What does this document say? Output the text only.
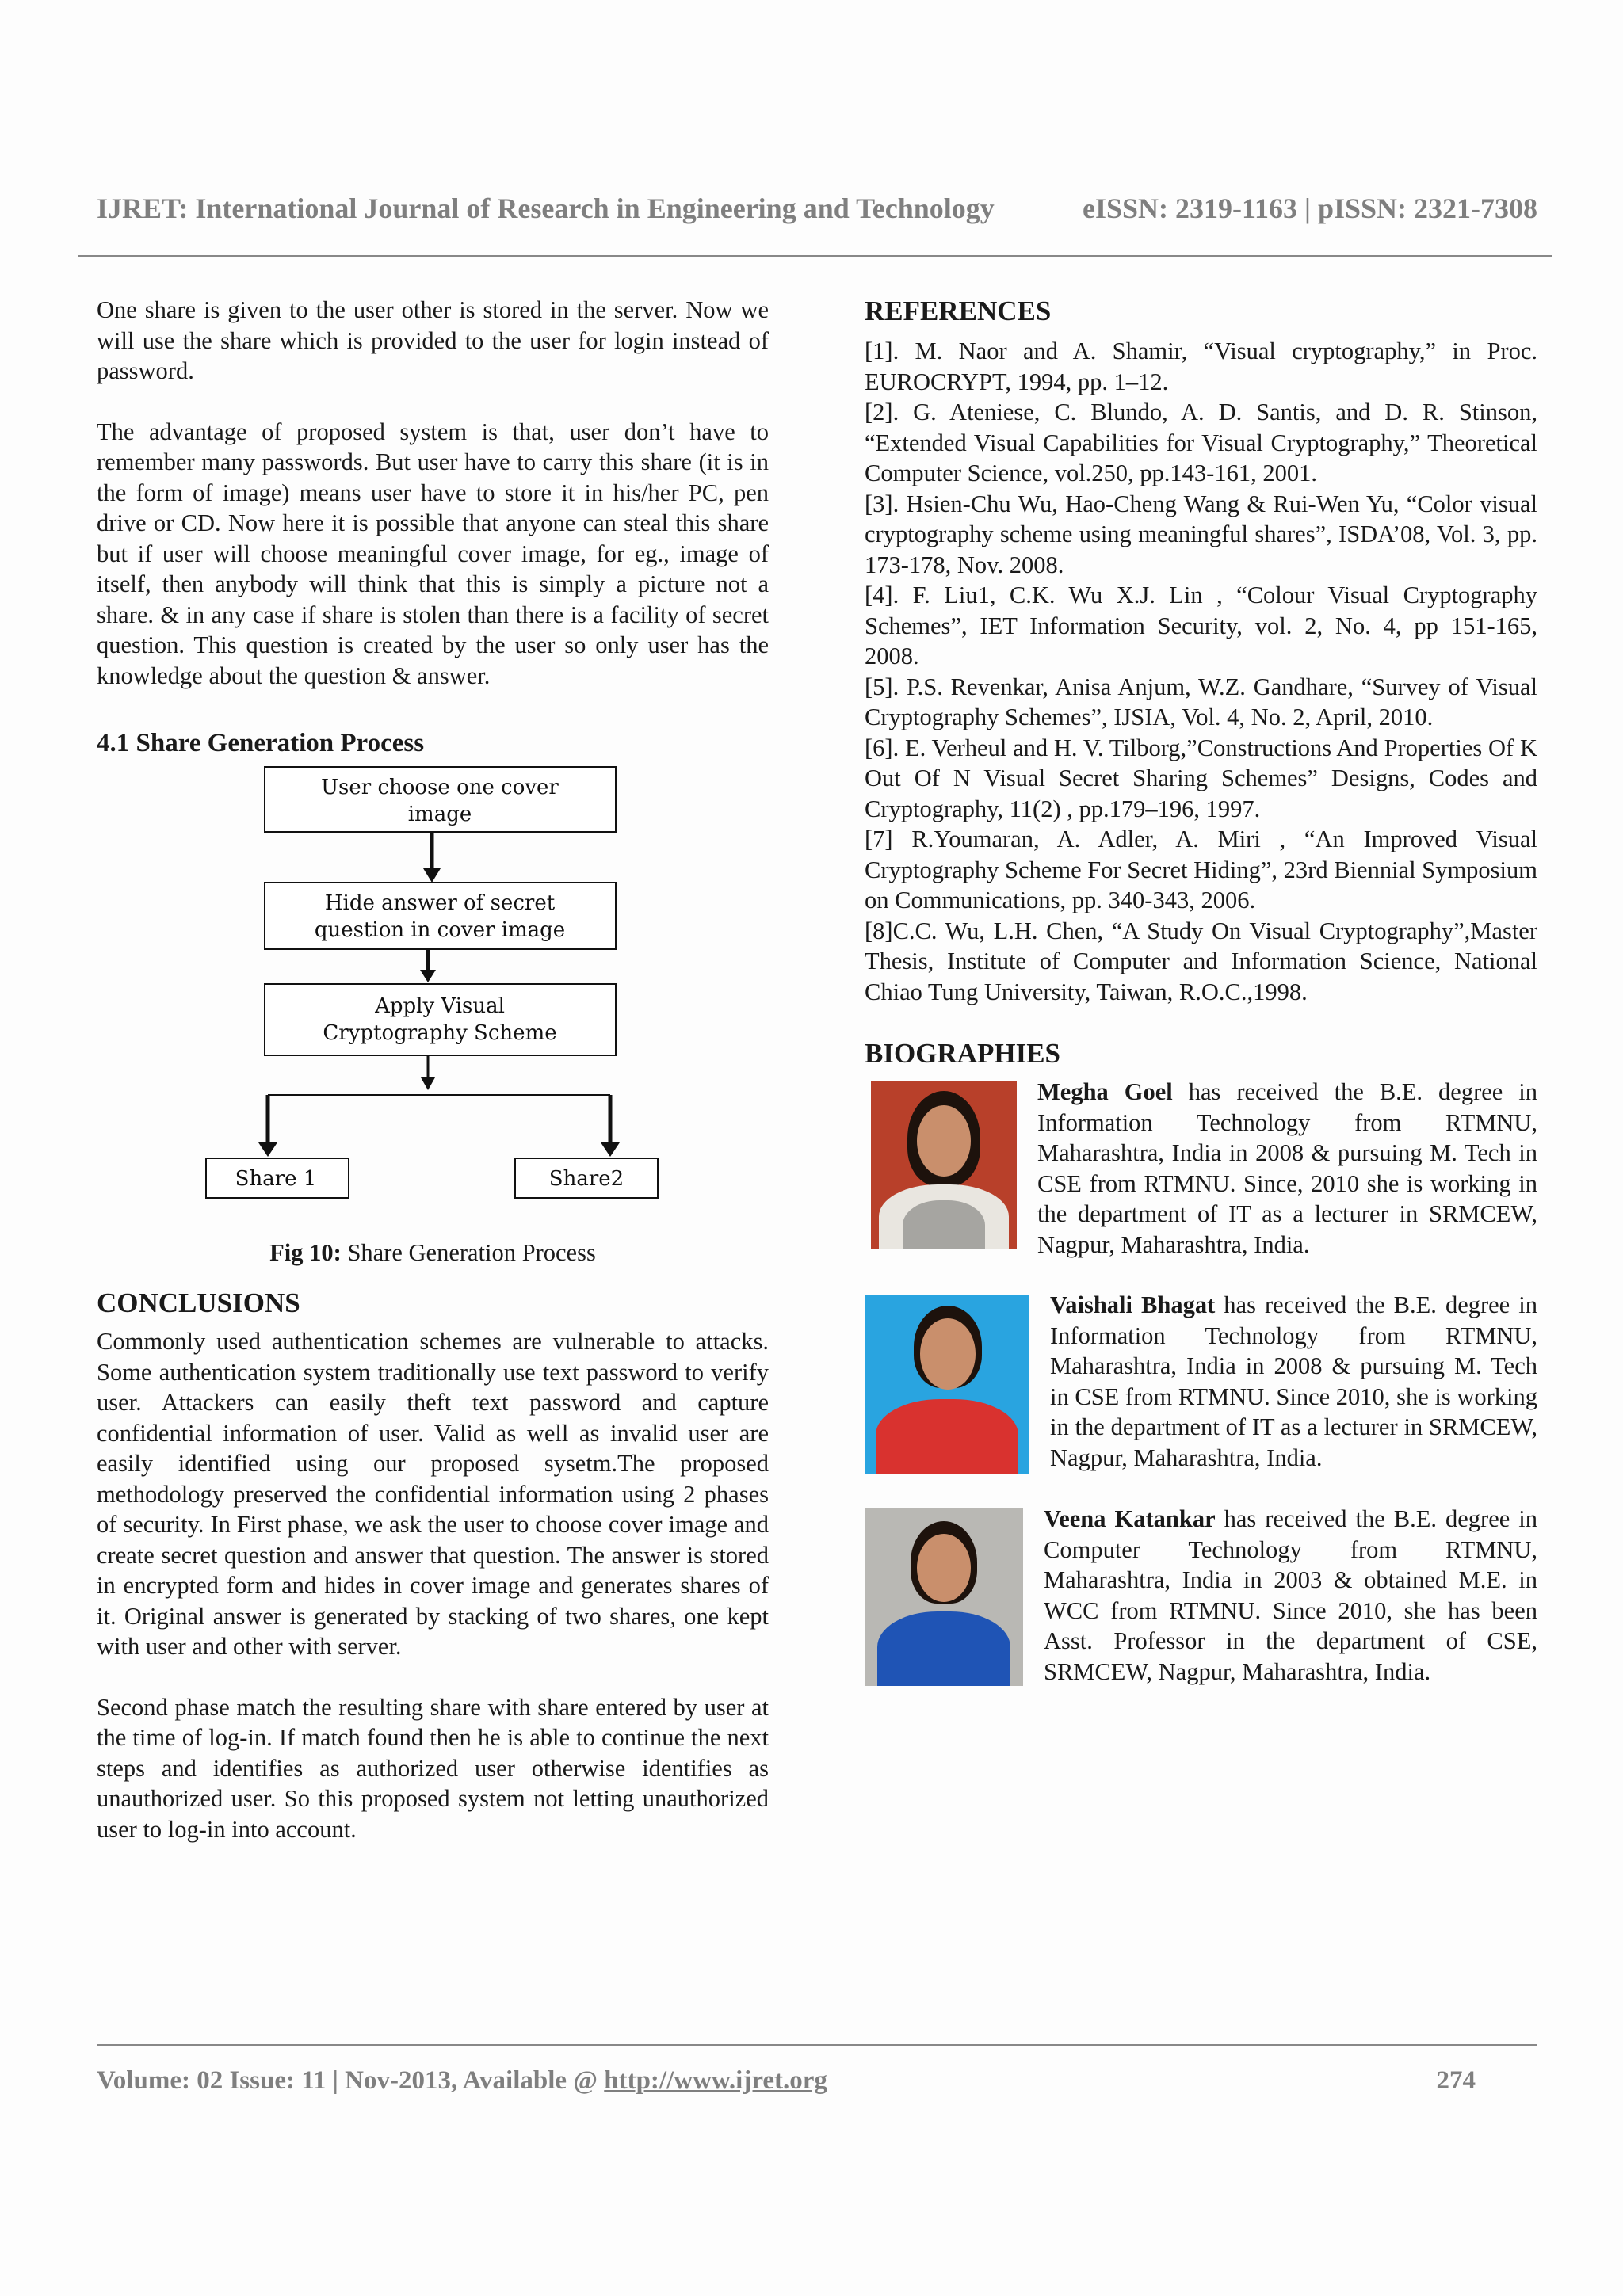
IJRET: International Journal of Research in Engineering and Technology	eISSN: 2319-1163 | pISSN: 2321-7308

One share is given to the user other is stored in the server. Now we will use the share which is provided to the user for login instead of password.

The advantage of proposed system is that, user don’t have to remember many passwords. But user have to carry this share (it is in the form of image) means user have to store it in his/her PC, pen drive or CD. Now here it is possible that anyone can steal this share but if user will choose meaningful cover image, for eg., image of itself, then anybody will think that this is simply a picture not a share. & in any case if share is stolen than there is a facility of secret question. This question is created by the user so only user has the knowledge about the question & answer.

4.1 Share Generation Process
User choose one cover
image
Hide answer of secret
question in cover image
Apply Visual
Cryptography Scheme
Share 1	Share2

Fig 10: Share Generation Process

CONCLUSIONS

Commonly used authentication schemes are vulnerable to attacks. Some authentication system traditionally use text password to verify user. Attackers can easily theft text password and capture confidential information of user. Valid as well as invalid user are easily identified using our proposed sysetm.The proposed methodology preserved the confidential information using 2 phases of security. In First phase, we ask the user to choose cover image and create secret question and answer that question. The answer is stored in encrypted form and hides in cover image and generates shares of it. Original answer is generated by stacking of two shares, one kept with user and other with server.

Second phase match the resulting share with share entered by user at the time of log-in. If match found then he is able to continue the next steps and identifies as authorized user otherwise identifies as unauthorized user. So this proposed system not letting unauthorized user to log-in into account.

REFERENCES

[1]. M. Naor and A. Shamir, “Visual cryptography,” in Proc. EUROCRYPT, 1994, pp. 1–12.

[2]. G. Ateniese, C. Blundo, A. D. Santis, and D. R. Stinson, “Extended Visual Capabilities for Visual Cryptography,” Theoretical Computer Science, vol.250, pp.143-161, 2001.

[3]. Hsien-Chu Wu, Hao-Cheng Wang & Rui-Wen Yu, “Color visual cryptography scheme using meaningful shares”, ISDA’08, Vol. 3, pp. 173-178, Nov. 2008.

[4]. F. Liu1, C.K. Wu X.J. Lin , “Colour Visual Cryptography Schemes”, IET Information Security, vol. 2, No. 4, pp 151-165, 2008.

[5]. P.S. Revenkar, Anisa Anjum, W.Z. Gandhare, “Survey of Visual Cryptography Schemes”, IJSIA, Vol. 4, No. 2, April, 2010.

[6]. E. Verheul and H. V. Tilborg,”Constructions And Properties Of K Out Of N Visual Secret Sharing Schemes” Designs, Codes and Cryptography, 11(2) , pp.179–196, 1997.

[7] R.Youmaran, A. Adler, A. Miri , “An Improved Visual Cryptography Scheme For Secret Hiding”, 23rd Biennial Symposium on Communications, pp. 340-343, 2006.

[8]C.C. Wu, L.H. Chen, “A Study On Visual Cryptography”,Master Thesis, Institute of Computer and Information Science, National Chiao Tung University, Taiwan, R.O.C.,1998.

BIOGRAPHIES

Megha Goel has received the B.E. degree in Information Technology from RTMNU, Maharashtra, India in 2008 & pursuing M. Tech in CSE from RTMNU. Since, 2010 she is working in the department of IT as a lecturer in SRMCEW, Nagpur, Maharashtra, India.

Vaishali Bhagat has received the B.E. degree in Information Technology from RTMNU, Maharashtra, India in 2008 & pursuing M. Tech in CSE from RTMNU. Since 2010, she is working in the department of IT as a lecturer in SRMCEW, Nagpur, Maharashtra, India.

Veena Katankar has received the B.E. degree in Computer Technology from RTMNU, Maharashtra, India in 2003 & obtained M.E. in WCC from RTMNU. Since 2010, she has been Asst. Professor in the department of CSE, SRMCEW, Nagpur, Maharashtra, India.

Volume: 02 Issue: 11 | Nov-2013, Available @ http://www.ijret.org	274
